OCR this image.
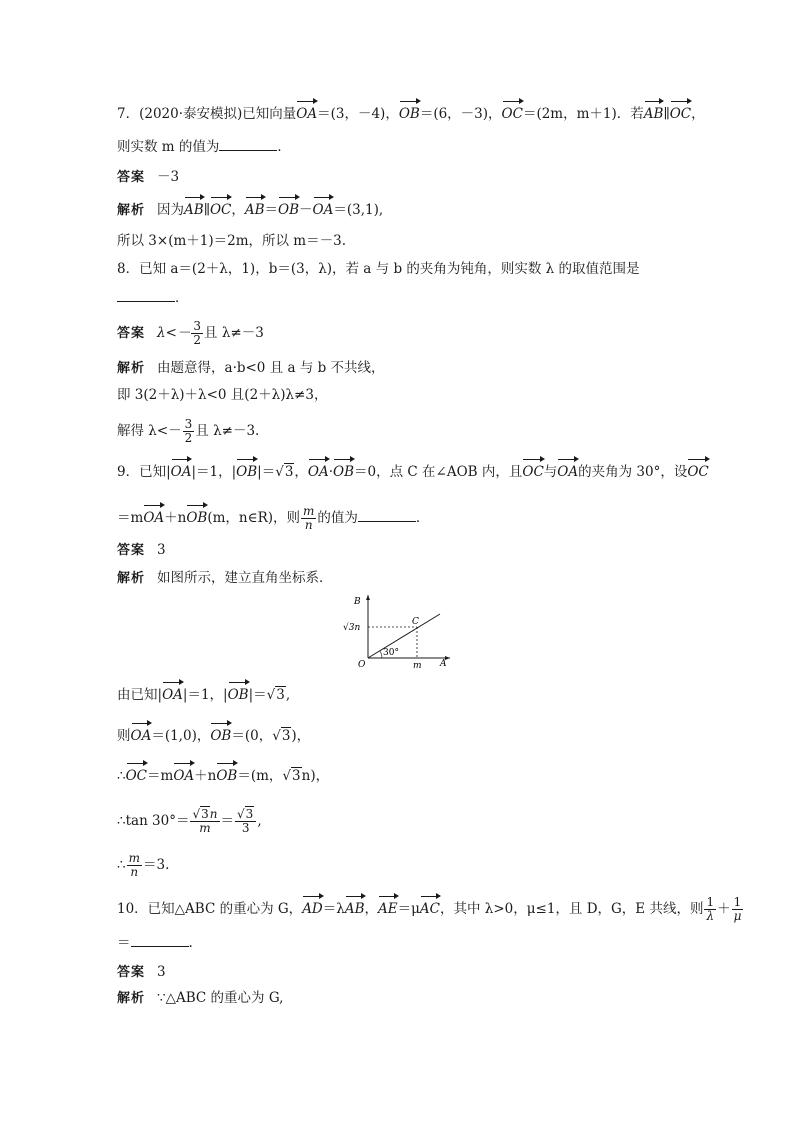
7．(2020·泰安模拟)已知向量OA＝(3，－4)，OB＝(6，－3)，OC＝(2m，m＋1)．若AB∥OC，
则实数 m 的值为	．
答案 －3
解析 因为AB∥OC，AB＝OB－OA＝(3,1),
所以 3×(m＋1)＝2m，所以 m＝－3.
8．已知 a＝(2＋λ，1)，b＝(3，λ)，若 a 与 b 的夹角为钝角，则实数 λ 的取值范围是
．
答案 $\lambda<- \frac{3}{2}$ 且 λ≠－3
解析 由题意得，a·b<0 且 a 与 b 不共线，
即 3(2＋λ)＋λ<0 且(2＋λ)λ≠3，
解得 $\lambda<- \frac{3}{2}$ 且 λ≠－3.
9．已知|OA|＝1，|OB|＝√3，OA·OB＝0，点 C 在∠AOB 内，且OC与OA的夹角为 30°，设OC
＝mOA＋nOB(m，n∈R)，则 $\frac{m}{n}$ 的值为	．
答案 3
解析 如图所示，建立直角坐标系．
B
A
O
C
m
√3n
30°
由已知|OA|＝1，|OB|＝√3,
则OA＝(1,0)，OB＝(0，√3)，
∴OC＝mOA＋nOB＝(m，√3n)，
∴tan $30^\circ= \frac{√3n}{m} = \frac{√3}{3}$ ,
∴ $\frac{m}{n} =3$.
10．已知△ABC 的重心为 G，AD＝λAB，AE＝μAC，其中 λ>0，μ≤1，且 D，G，E 共线，则 $\frac{1}{\lambda} + \frac{1}{\mu}$
＝	.
答案 3
解析 ∵△ABC 的重心为 G,
